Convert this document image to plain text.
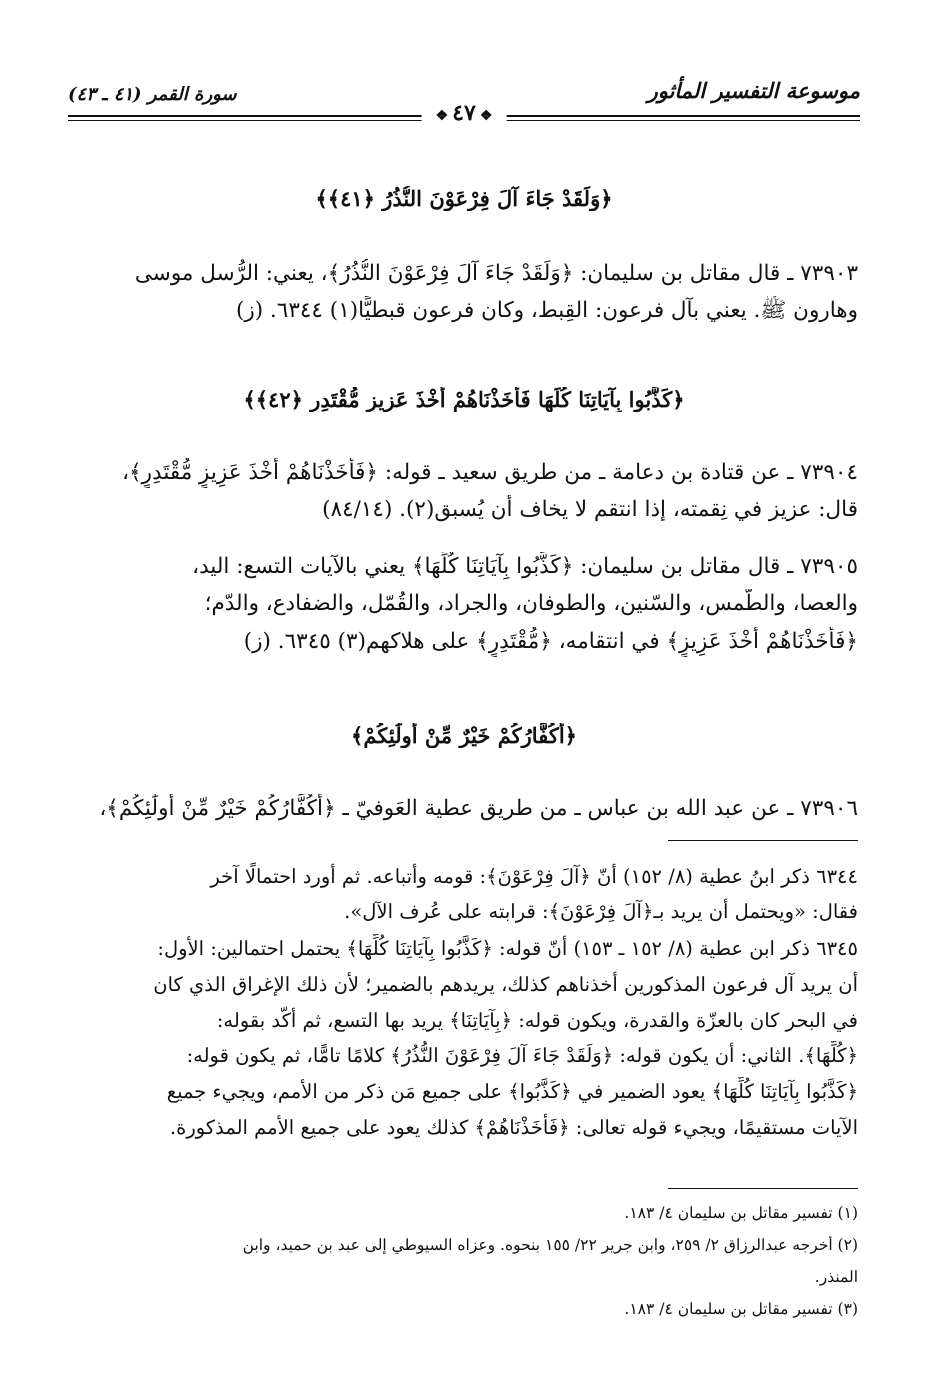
موسوعة التفسير المأثور
سورة القمر (٤١ ـ ٤٣)
❖٤٧❖
﴿وَلَقَدْ جَاءَ آلَ فِرْعَوْنَ النُّذُرُ ﴿٤١﴾﴾
٧٣٩٠٣ ـ قال مقاتل بن سليمان: ﴿وَلَقَدْ جَاءَ آلَ فِرْعَوْنَ النُّذُرُ﴾، يعني: الرُّسل موسى
وهارون ﷺ. يعني بآل فرعون: القِبط، وكان فرعون قبطيًّا(١) ٦٣٤٤. (ز)
﴿كَذَّبُوا بِآيَاتِنَا كُلِّهَا فَأَخَذْنَاهُمْ أَخْذَ عَزِيزٍ مُّقْتَدِرٍ ﴿٤٢﴾﴾
٧٣٩٠٤ ـ عن قتادة بن دعامة ـ من طريق سعيد ـ قوله: ﴿فَأَخَذْنَاهُمْ أَخْذَ عَزِيزٍ مُّقْتَدِرٍ﴾،
قال: عزيز في نِقمته، إذا انتقم لا يخاف أن يُسبق(٢). (٨٤/١٤)
٧٣٩٠٥ ـ قال مقاتل بن سليمان: ﴿كَذَّبُوا بِآيَاتِنَا كُلِّهَا﴾ يعني بالآيات التسع: اليد،
والعصا، والطّمس، والسّنين، والطوفان، والجراد، والقُمّل، والضفادع، والدّم؛
﴿فَأَخَذْنَاهُمْ أَخْذَ عَزِيزٍ﴾ في انتقامه، ﴿مُّقْتَدِرٍ﴾ على هلاكهم(٣) ٦٣٤٥. (ز)
﴿أَكُفَّارُكُمْ خَيْرٌ مِّنْ أُولَٰئِكُمْ﴾
٧٣٩٠٦ ـ عن عبد الله بن عباس ـ من طريق عطية العَوفيّ ـ ﴿أَكُفَّارُكُمْ خَيْرٌ مِّنْ أُولَٰئِكُمْ﴾،
٦٣٤٤ ذكر ابنُ عطية (٨/ ١٥٢) أنّ ﴿آلَ فِرْعَوْنَ﴾: قومه وأتباعه. ثم أورد احتمالًا آخر
فقال: «ويحتمل أن يريد بـ﴿آلَ فِرْعَوْنَ﴾: قرابته على عُرف الآل».
٦٣٤٥ ذكر ابن عطية (٨/ ١٥٢ ـ ١٥٣) أنّ قوله: ﴿كَذَّبُوا بِآيَاتِنَا كُلِّهَا﴾ يحتمل احتمالين: الأول:
أن يريد آل فرعون المذكورين أخذناهم كذلك، يريدهم بالضمير؛ لأن ذلك الإغراق الذي كان
في البحر كان بالعزّة والقدرة، ويكون قوله: ﴿بِآيَاتِنَا﴾ يريد بها التسع، ثم أكّد بقوله:
﴿كُلِّهَا﴾. الثاني: أن يكون قوله: ﴿وَلَقَدْ جَاءَ آلَ فِرْعَوْنَ النُّذُرُ﴾ كلامًا تامًّا، ثم يكون قوله:
﴿كَذَّبُوا بِآيَاتِنَا كُلِّهَا﴾ يعود الضمير في ﴿كَذَّبُوا﴾ على جميع مَن ذكر من الأمم، ويجيء جميع
الآيات مستقيمًا، ويجيء قوله تعالى: ﴿فَأَخَذْنَاهُمْ﴾ كذلك يعود على جميع الأمم المذكورة.
(١) تفسير مقاتل بن سليمان ٤/ ١٨٣.
(٢) أخرجه عبدالرزاق ٢/ ٢٥٩، وابن جرير ٢٢/ ١٥٥ بنحوه. وعزاه السيوطي إلى عبد بن حميد، وابن
المنذر.
(٣) تفسير مقاتل بن سليمان ٤/ ١٨٣.
